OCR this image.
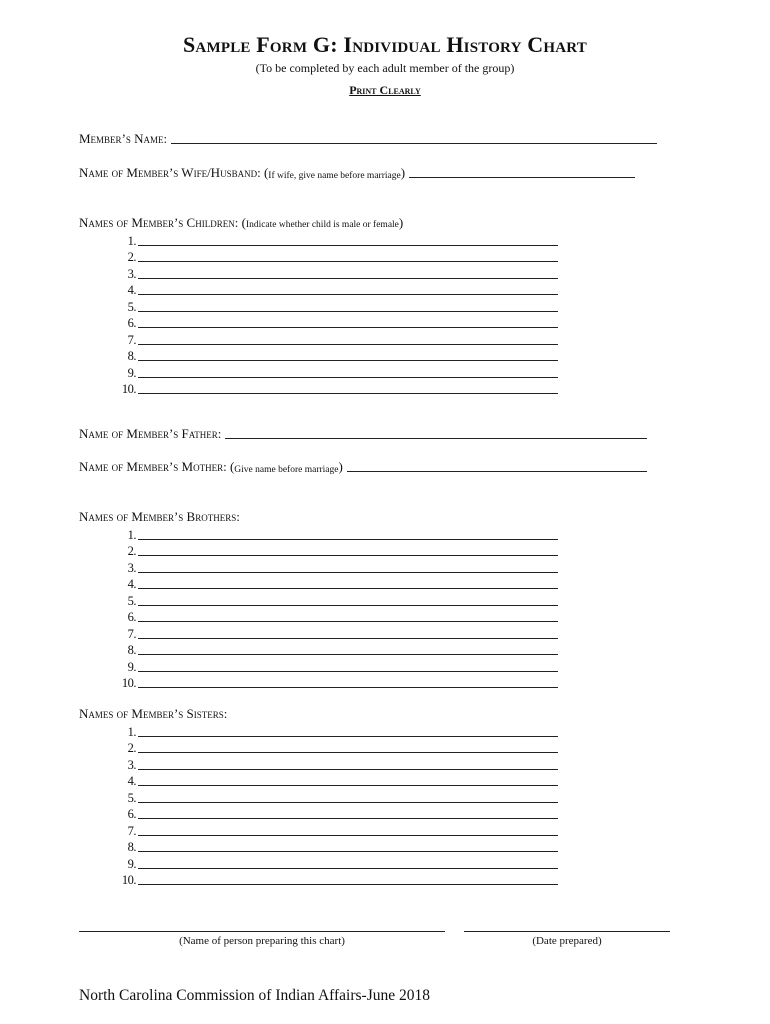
Sample Form G: Individual History Chart
(To be completed by each adult member of the group)
Print Clearly
Member’s Name:
Name of Member’s Wife/Husband: ( If wife, give name before marriage )
Names of Member’s Children: (Indicate whether child is male or female)
1.
2.
3.
4.
5.
6.
7.
8.
9.
10.
Name of Member’s Father:
Name of Member’s Mother: ( Give name before marriage )
Names of Member’s Brothers:
1.
2.
3.
4.
5.
6.
7.
8.
9.
10.
Names of Member’s Sisters:
1.
2.
3.
4.
5.
6.
7.
8.
9.
10.
(Name of person preparing this chart)	(Date prepared)
North Carolina Commission of Indian Affairs-June 2018
